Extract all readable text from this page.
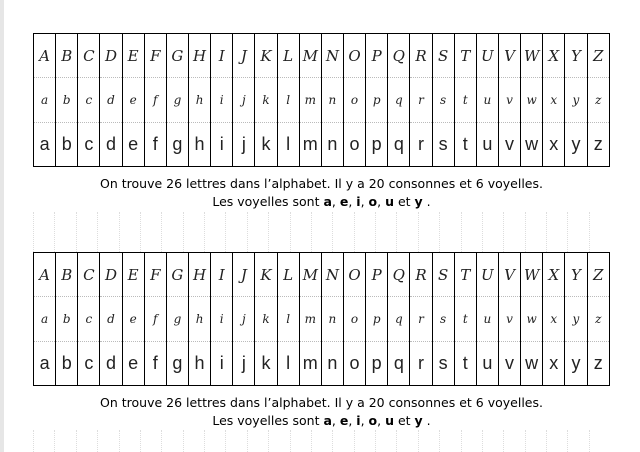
A	B	C	D	E	F	G	H	I	J	K	L	M	N	O	P	Q	R	S	T	U	V	W	X	Y	Z
a	b	c	d	e	f	g	h	i	j	k	l	m	n	o	p	q	r	s	t	u	v	w	x	y	z
a	b	c	d	e	f	g	h	i	j	k	l	m	n	o	p	q	r	s	t	u	v	w	x	y	z
On trouve 26 lettres dans l’alphabet. Il y a 20 consonnes et 6 voyelles.
Les voyelles sont a, e, i, o, u et y .
A	B	C	D	E	F	G	H	I	J	K	L	M	N	O	P	Q	R	S	T	U	V	W	X	Y	Z
a	b	c	d	e	f	g	h	i	j	k	l	m	n	o	p	q	r	s	t	u	v	w	x	y	z
a	b	c	d	e	f	g	h	i	j	k	l	m	n	o	p	q	r	s	t	u	v	w	x	y	z
On trouve 26 lettres dans l’alphabet. Il y a 20 consonnes et 6 voyelles.
Les voyelles sont a, e, i, o, u et y .
